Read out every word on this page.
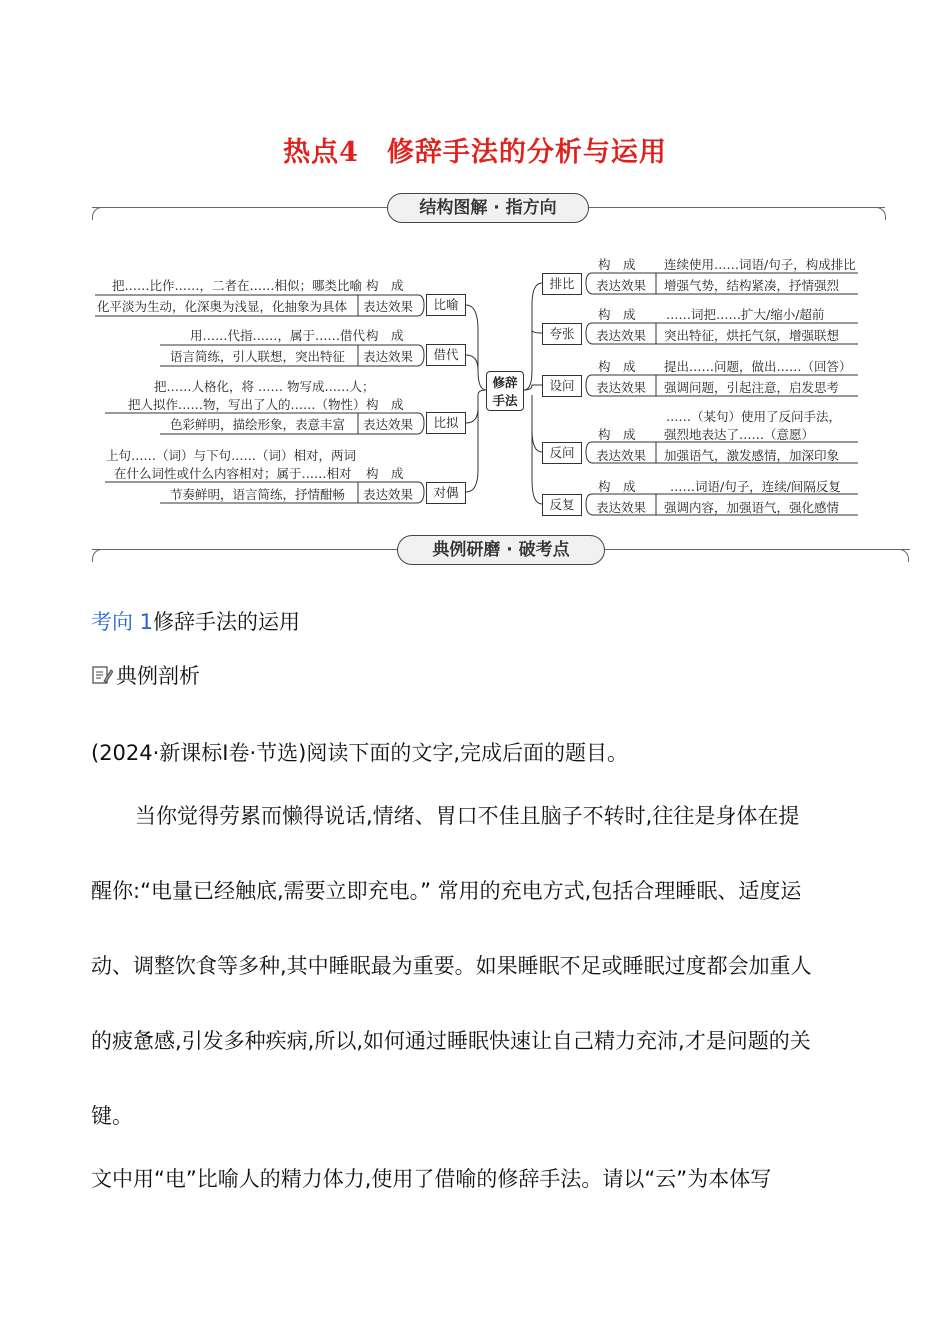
热点4　修辞手法的分析与运用
结构图解 · 指方向
修辞
手法
比喻
借代
比拟
对偶
把……比作……，二者在……相似；哪类比喻 构　成
化平淡为生动，化深奥为浅显，化抽象为具体 表达效果
用……代指……，属于……借代 构　成
语言简练，引人联想，突出特征 表达效果
把……人格化，将 …… 物写成……人；
把人拟作……物，写出了人的……（物性） 构　成
色彩鲜明，描绘形象，表意丰富 表达效果
上句……（词）与下句……（词）相对，两词
在什么词性或什么内容相对；属于……相对 构　成
节奏鲜明，语言简练，抒情酣畅 表达效果
排比
夸张
设问
反问
反复
构　成 连续使用……词语/句子，构成排比
表达效果 增强气势，结构紧凑，抒情强烈
构　成 ……词把……扩大/缩小/超前
表达效果 突出特征，烘托气氛，增强联想
构　成 提出……问题，做出……（回答）
表达效果 强调问题，引起注意，启发思考
……（某句）使用了反问手法，
构　成 强烈地表达了……（意愿）
表达效果 加强语气，激发感情，加深印象
构　成	……词语/句子，连续/间隔反复
表达效果 强调内容，加强语气，强化感情
典例研磨 · 破考点
考向 1修辞手法的运用
典例剖析
(2024·新课标Ⅰ卷·节选)阅读下面的文字,完成后面的题目。
当你觉得劳累而懒得说话,情绪、胃口不佳且脑子不转时,往往是身体在提
醒你:“电量已经触底,需要立即充电。” 常用的充电方式,包括合理睡眠、适度运
动、调整饮食等多种,其中睡眠最为重要。如果睡眠不足或睡眠过度都会加重人
的疲惫感,引发多种疾病,所以,如何通过睡眠快速让自己精力充沛,才是问题的关
键。
文中用“电”比喻人的精力体力,使用了借喻的修辞手法。请以“云”为本体写
